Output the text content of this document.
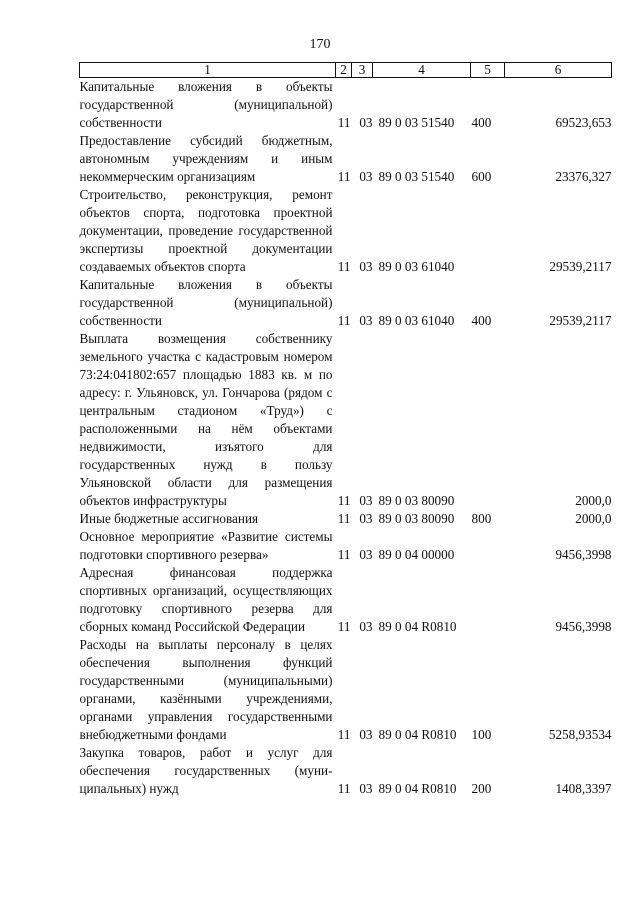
170
1	2	3	4	5	6
Капитальные вложения в объекты государственной (муниципальной) собственности	11	03	89 0 03 51540	400	69523,653
Предоставление субсидий бюджетным, автономным учреждениям и иным некоммерческим организациям	11	03	89 0 03 51540	600	23376,327
Строительство, реконструкция, ремонт объектов спорта, подготовка проектной документации, проведение государственной экспертизы проектной документации создаваемых объектов спорта	11	03	89 0 03 61040		29539,2117
Капитальные вложения в объекты государственной (муниципальной) собственности	11	03	89 0 03 61040	400	29539,2117
Выплата возмещения собственнику земельного участка с кадастровым номером 73:24:041802:657 площадью 1883 кв. м по адресу: г. Ульяновск, ул. Гончарова (рядом с центральным стадионом «Труд») с расположенными на нём объектами недвижимости, изъятого для государственных нужд в пользу Ульяновской области для размещения объектов инфраструктуры	11	03	89 0 03 80090		2000,0
Иные бюджетные ассигнования	11	03	89 0 03 80090	800	2000,0
Основное мероприятие «Развитие системы подготовки спортивного резерва»	11	03	89 0 04 00000		9456,3998
Адресная финансовая поддержка спортивных организаций, осуществляющих подготовку спортивного резерва для сборных команд Российской Федерации	11	03	89 0 04 R0810		9456,3998
Расходы на выплаты персоналу в целях обеспечения выполнения функций государственными (муниципальными) органами, казёнными учреждениями, органами управления государственными внебюджетными фондами	11	03	89 0 04 R0810	100	5258,93534
Закупка товаров, работ и услуг для обеспечения государственных (муниципальных) нужд	11	03	89 0 04 R0810	200	1408,3397
